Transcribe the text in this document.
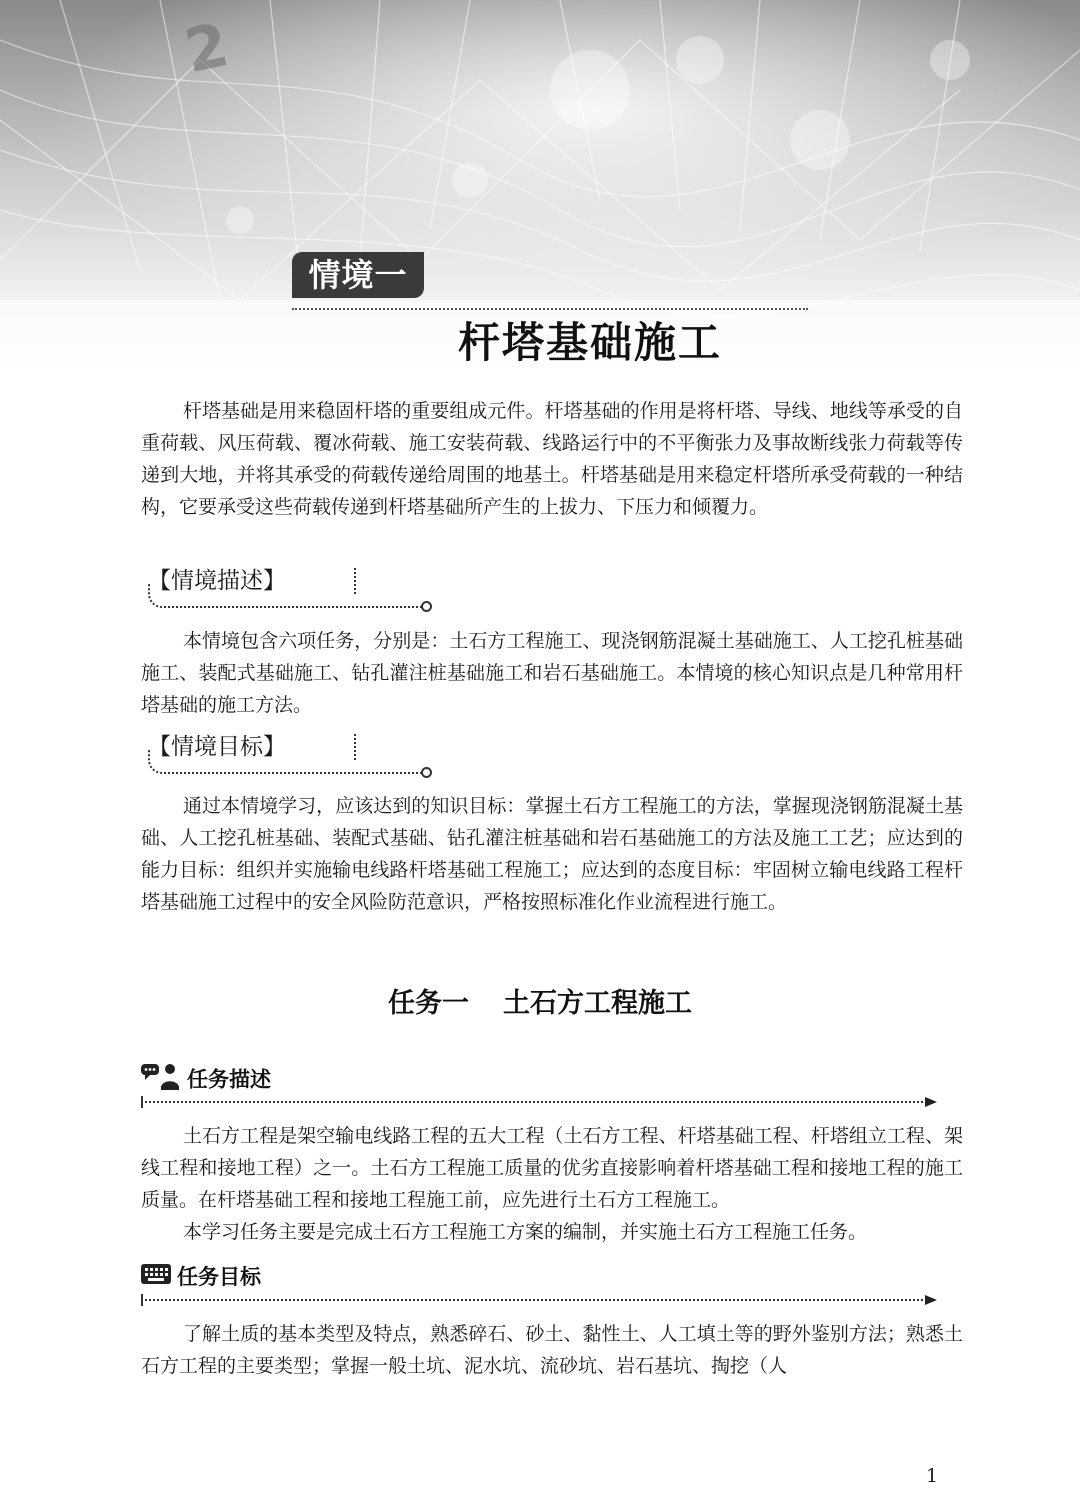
2
情境一
杆塔基础施工

杆塔基础是用来稳固杆塔的重要组成元件。杆塔基础的作用是将杆塔、导线、地线等承受的自重荷载、风压荷载、覆冰荷载、施工安装荷载、线路运行中的不平衡张力及事故断线张力荷载等传递到大地，并将其承受的荷载传递给周围的地基土。杆塔基础是用来稳定杆塔所承受荷载的一种结构，它要承受这些荷载传递到杆塔基础所产生的上拔力、下压力和倾覆力。

【情境描述】

本情境包含六项任务，分别是：土石方工程施工、现浇钢筋混凝土基础施工、人工挖孔桩基础施工、装配式基础施工、钻孔灌注桩基础施工和岩石基础施工。本情境的核心知识点是几种常用杆塔基础的施工方法。

【情境目标】

通过本情境学习，应该达到的知识目标：掌握土石方工程施工的方法，掌握现浇钢筋混凝土基础、人工挖孔桩基础、装配式基础、钻孔灌注桩基础和岩石基础施工的方法及施工工艺；应达到的能力目标：组织并实施输电线路杆塔基础工程施工；应达到的态度目标：牢固树立输电线路工程杆塔基础施工过程中的安全风险防范意识，严格按照标准化作业流程进行施工。

任务一 土石方工程施工
任务描述

土石方工程是架空输电线路工程的五大工程（土石方工程、杆塔基础工程、杆塔组立工程、架线工程和接地工程）之一。土石方工程施工质量的优劣直接影响着杆塔基础工程和接地工程的施工质量。在杆塔基础工程和接地工程施工前，应先进行土石方工程施工。

本学习任务主要是完成土石方工程施工方案的编制，并实施土石方工程施工任务。

任务目标

了解土质的基本类型及特点，熟悉碎石、砂土、黏性土、人工填土等的野外鉴别方法；熟悉土石方工程的主要类型；掌握一般土坑、泥水坑、流砂坑、岩石基坑、掏挖（人

1
